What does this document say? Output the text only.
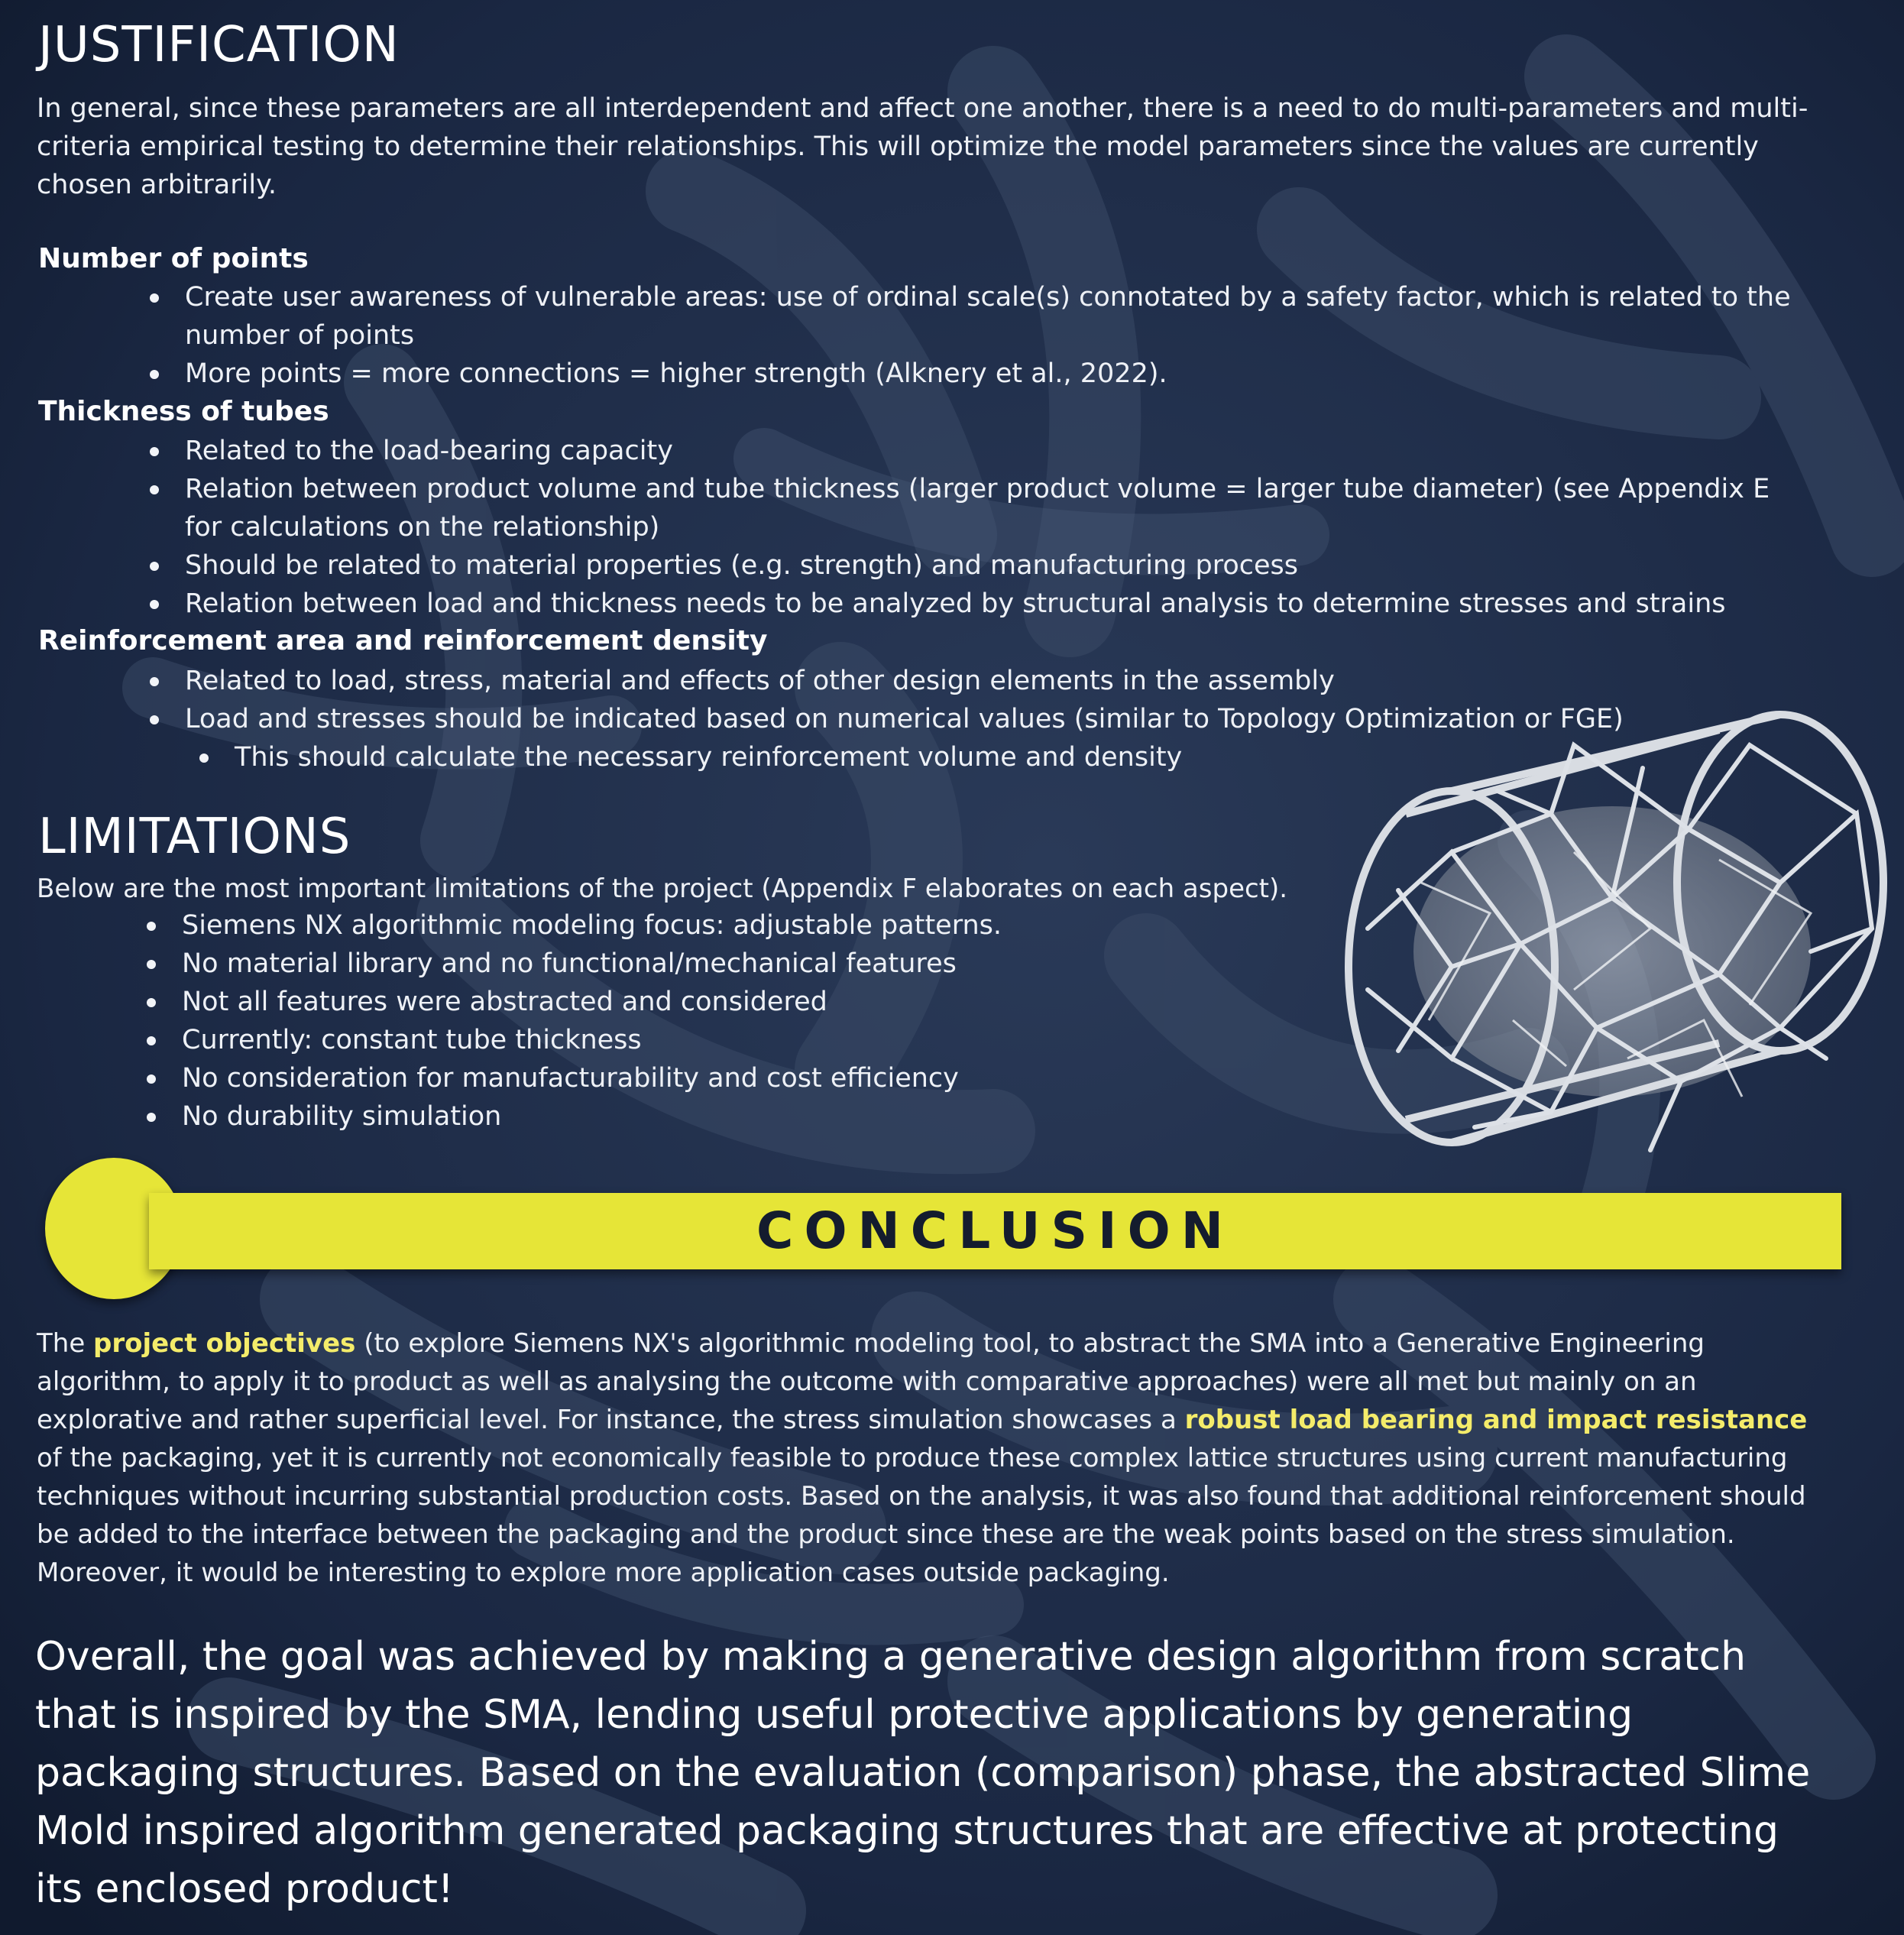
JUSTIFICATION

In general, since these parameters are all interdependent and affect one another, there is a need to do multi-parameters and multi-criteria empirical testing to determine their relationships. This will optimize the model parameters since the values are currently chosen arbitrarily.

Number of points
Create user awareness of vulnerable areas: use of ordinal scale(s) connotated by a safety factor, which is related to the number of points
More points = more connections = higher strength (Alknery et al., 2022).
Thickness of tubes
Related to the load-bearing capacity
Relation between product volume and tube thickness (larger product volume = larger tube diameter) (see Appendix E for calculations on the relationship)
Should be related to material properties (e.g. strength) and manufacturing process
Relation between load and thickness needs to be analyzed by structural analysis to determine stresses and strains
Reinforcement area and reinforcement density
Related to load, stress, material and effects of other design elements in the assembly
Load and stresses should be indicated based on numerical values (similar to Topology Optimization or FGE)
This should calculate the necessary reinforcement volume and density
LIMITATIONS

Below are the most important limitations of the project (Appendix F elaborates on each aspect).

Siemens NX algorithmic modeling focus: adjustable patterns.
No material library and no functional/mechanical features
Not all features were abstracted and considered
Currently: constant tube thickness
No consideration for manufacturability and cost efficiency
No durability simulation
CONCLUSION

The project objectives (to explore Siemens NX's algorithmic modeling tool, to abstract the SMA into a Generative Engineering algorithm, to apply it to product as well as analysing the outcome with comparative approaches) were all met but mainly on an explorative and rather superficial level. For instance, the stress simulation showcases a robust load bearing and impact resistance of the packaging, yet it is currently not economically feasible to produce these complex lattice structures using current manufacturing techniques without incurring substantial production costs. Based on the analysis, it was also found that additional reinforcement should be added to the interface between the packaging and the product since these are the weak points based on the stress simulation. Moreover, it would be interesting to explore more application cases outside packaging.

Overall, the goal was achieved by making a generative design algorithm from scratch that is inspired by the SMA, lending useful protective applications by generating packaging structures. Based on the evaluation (comparison) phase, the abstracted Slime Mold inspired algorithm generated packaging structures that are effective at protecting its enclosed product!
